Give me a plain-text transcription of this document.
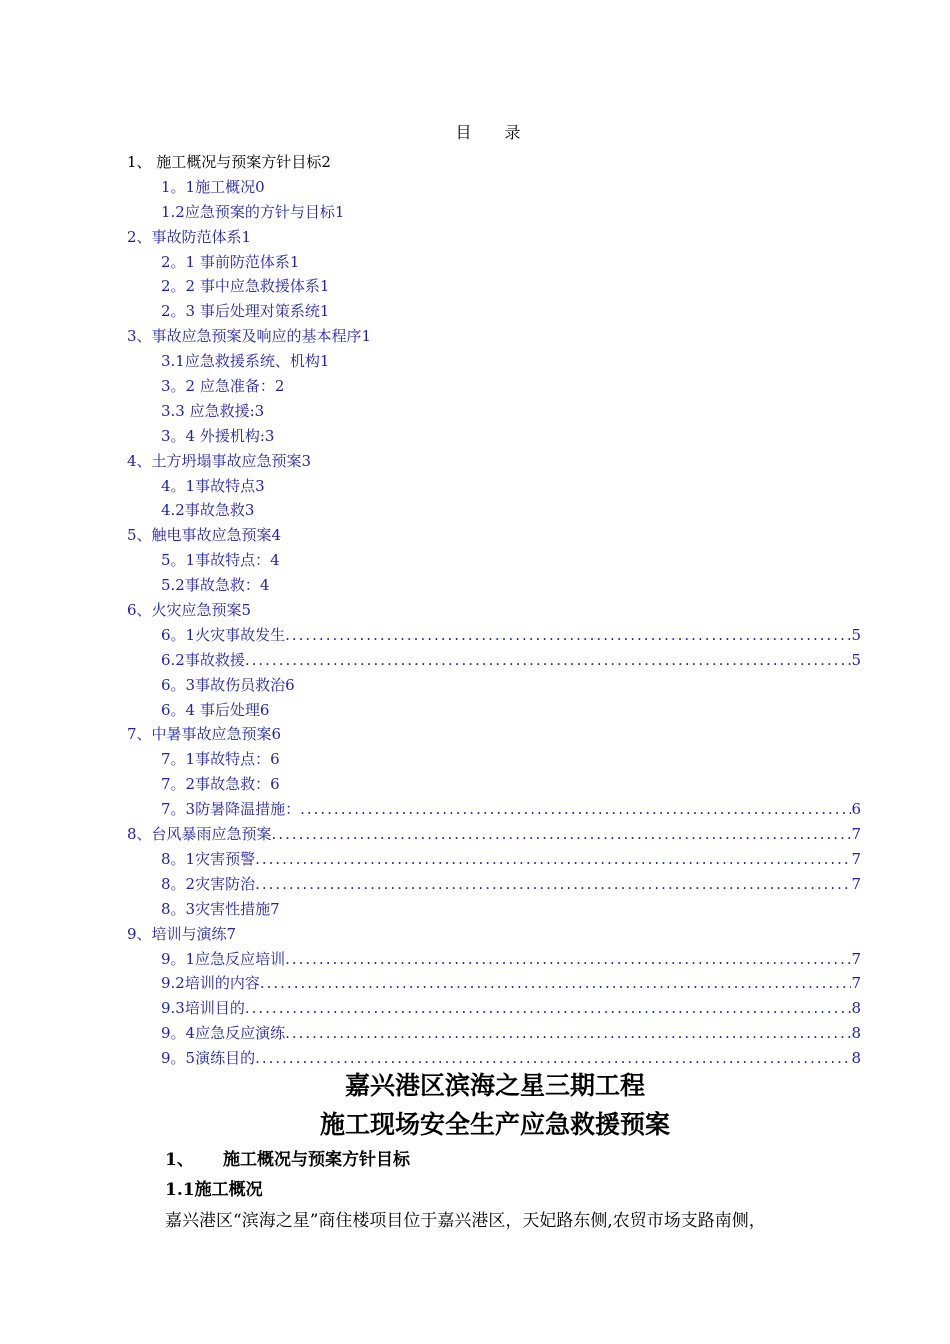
目 录
1、 施工概况与预案方针目标2
1。1施工概况0
1.2应急预案的方针与目标1
2、事故防范体系1
2。1 事前防范体系1
2。2 事中应急救援体系1
2。3 事后处理对策系统1
3、事故应急预案及响应的基本程序1
3.1应急救援系统、机构1
3。2 应急准备：2
3.3 应急救援:3
3。4 外援机构:3
4、土方坍塌事故应急预案3
4。1事故特点3
4.2事故急救3
5、触电事故应急预案4
5。1事故特点：4
5.2事故急救：4
6、火灾应急预案5
6。1火灾事故发生 .....	5
6.2事故救援 .....	5
6。3事故伤员救治6
6。4 事后处理6
7、中暑事故应急预案6
7。1事故特点：6
7。2事故急救：6
7。3防暑降温措施： .....	6
8、台风暴雨应急预案 .....	7
8。1灾害预警 .....	7
8。2灾害防治 .....	7
8。3灾害性措施7
9、培训与演练7
9。1应急反应培训 .....	7
9.2培训的内容 .....	7
9.3培训目的 .....	8
9。4应急反应演练 .....	8
9。5演练目的 .....	8
嘉兴港区滨海之星三期工程
施工现场安全生产应急救援预案
1、 施工概况与预案方针目标
1.1施工概况
嘉兴港区“滨海之星”商住楼项目位于嘉兴港区，天妃路东侧,农贸市场支路南侧，
